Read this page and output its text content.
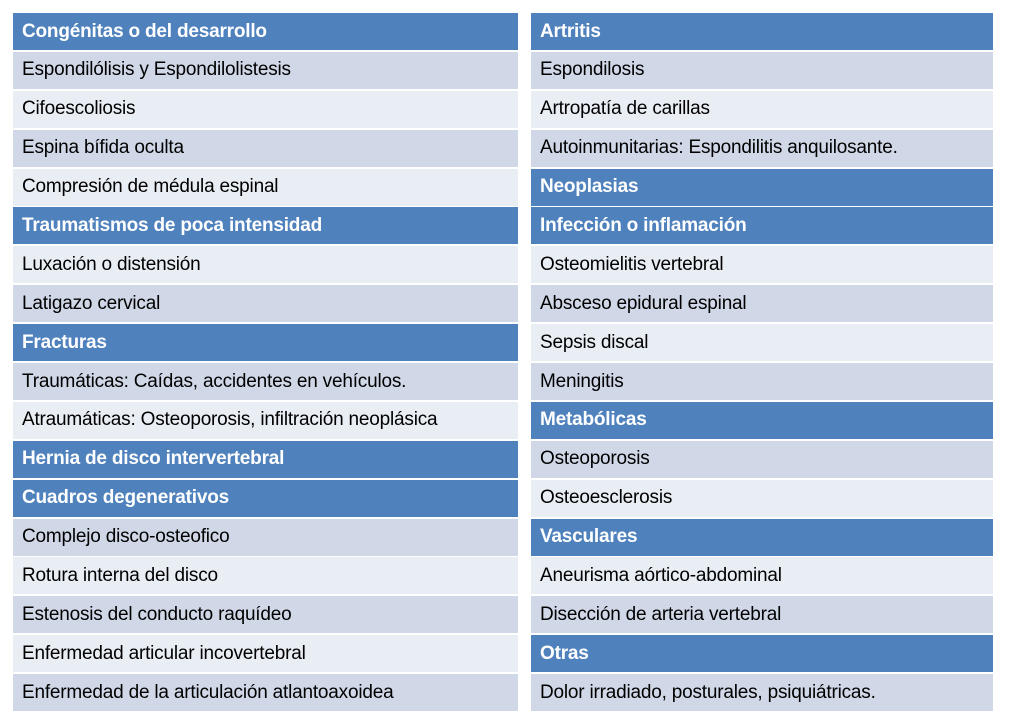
Congénitas o del desarrollo
Espondilólisis y Espondilolistesis
Cifoescoliosis
Espina bífida oculta
Compresión de médula espinal
Traumatismos de poca intensidad
Luxación o distensión
Latigazo cervical
Fracturas
Traumáticas: Caídas, accidentes en vehículos.
Atraumáticas: Osteoporosis, infiltración neoplásica
Hernia de disco intervertebral
Cuadros degenerativos
Complejo disco-osteofico
Rotura interna del disco
Estenosis del conducto raquídeo
Enfermedad articular incovertebral
Enfermedad de la articulación atlantoaxoidea
Artritis
Espondilosis
Artropatía de carillas
Autoinmunitarias: Espondilitis anquilosante.
Neoplasias
Infección o inflamación
Osteomielitis vertebral
Absceso epidural espinal
Sepsis discal
Meningitis
Metabólicas
Osteoporosis
Osteoesclerosis
Vasculares
Aneurisma aórtico-abdominal
Disección de arteria vertebral
Otras
Dolor irradiado, posturales, psiquiátricas.
